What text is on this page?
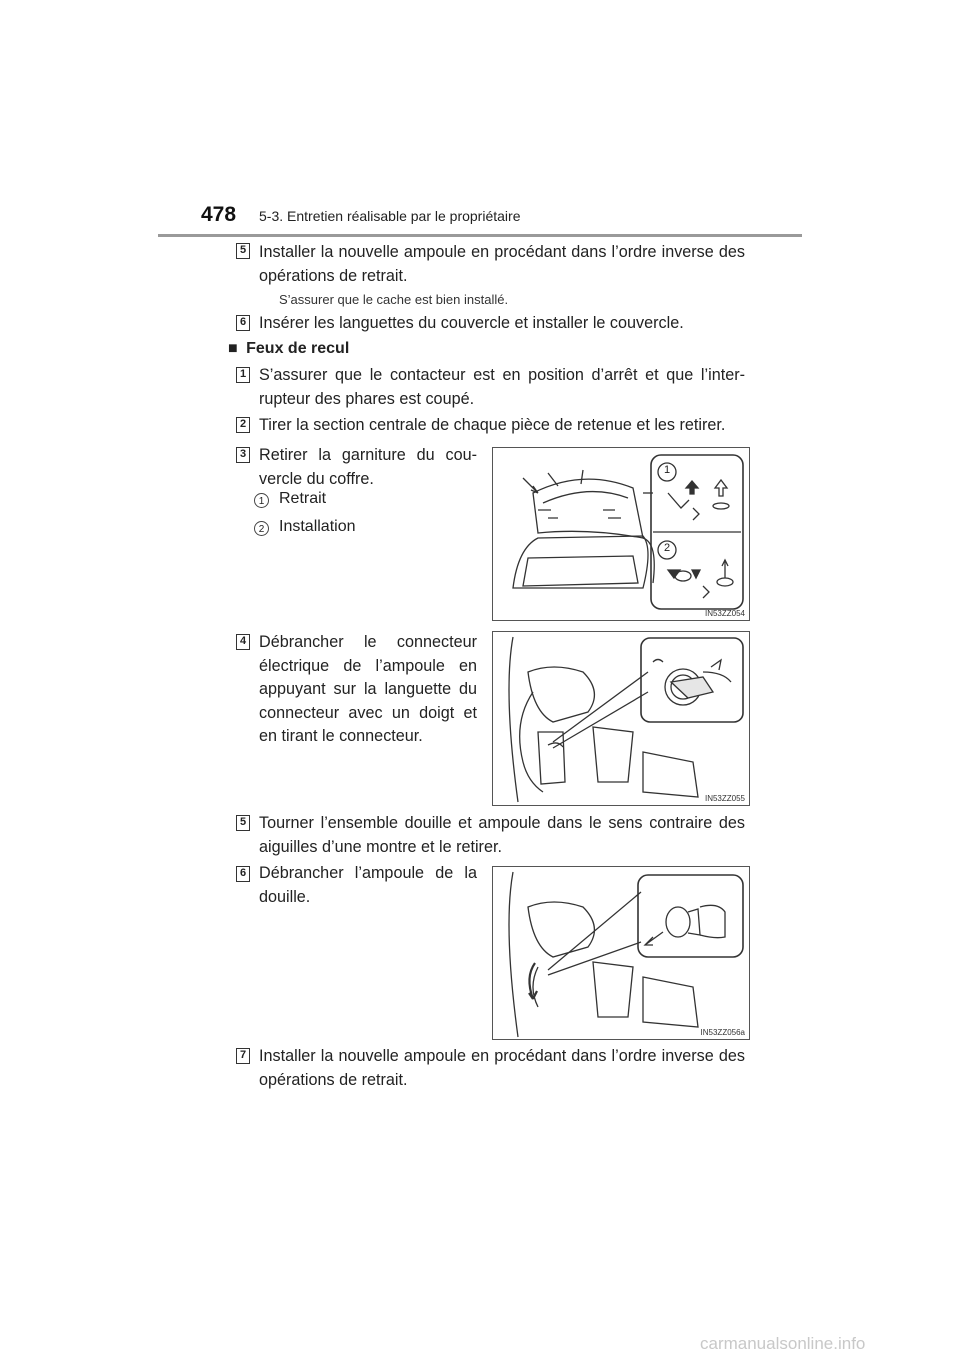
478 5-3. Entretien réalisable par le propriétaire
5 Installer la nouvelle ampoule en procédant dans l’ordre inverse des opérations de retrait.
S’assurer que le cache est bien installé.
6 Insérer les languettes du couvercle et installer le couvercle.
■ Feux de recul
1 S’assurer que le contacteur est en position d’arrêt et que l’inter-rupteur des phares est coupé.
2 Tirer la section centrale de chaque pièce de retenue et les retirer.
3 Retirer la garniture du cou-vercle du coffre.
1 Retrait
2 Installation
4 Débrancher le connecteur électrique de l’ampoule en appuyant sur la languette du connecteur avec un doigt et en tirant le connecteur.
5 Tourner l’ensemble douille et ampoule dans le sens contraire des aiguilles d’une montre et le retirer.
6 Débrancher l’ampoule de la douille.
7 Installer la nouvelle ampoule en procédant dans l’ordre inverse des opérations de retrait.
1
2
IN53ZZ054
IN53ZZ055
IN53ZZ056a
carmanualsonline.info
